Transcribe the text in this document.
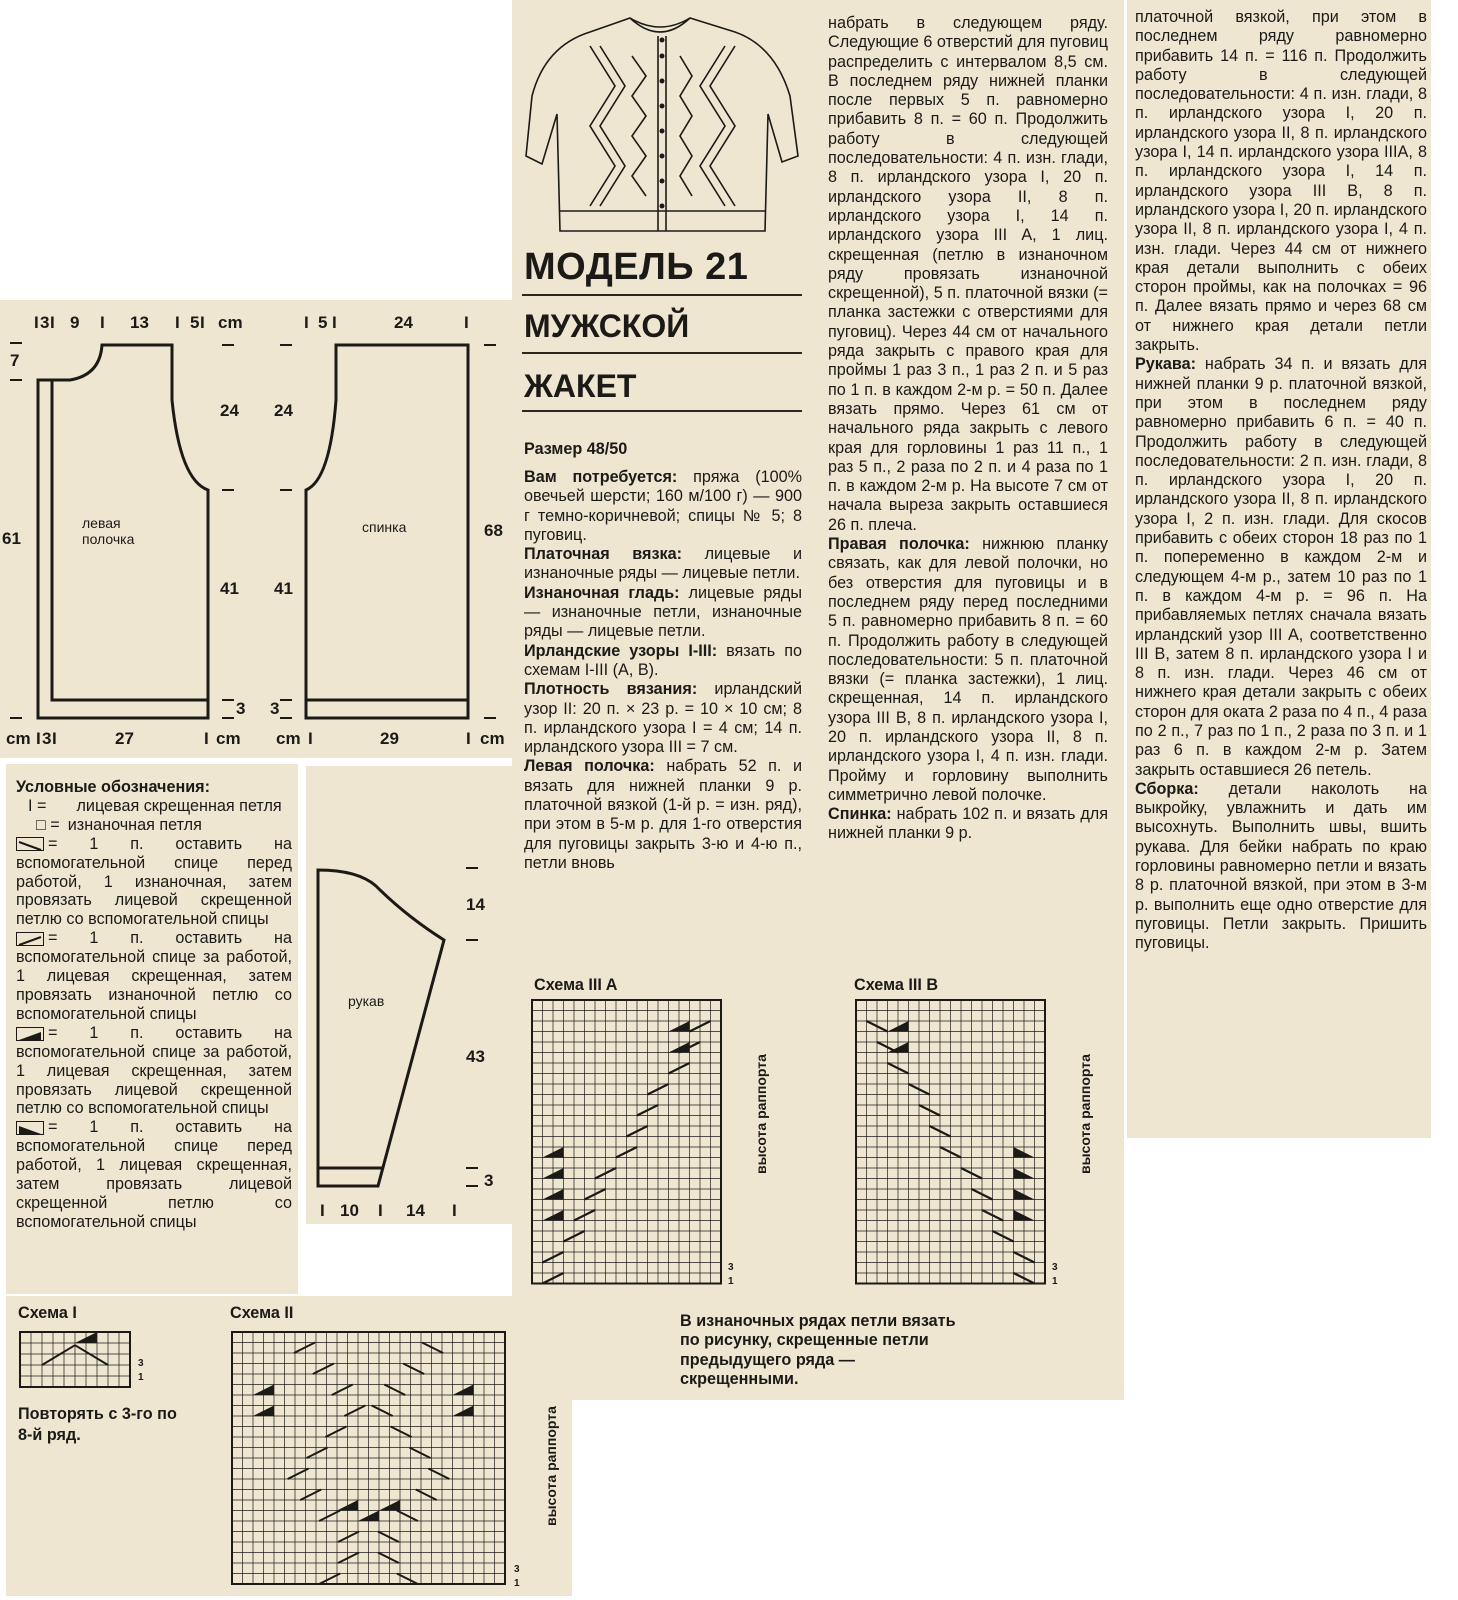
МОДЕЛЬ 21
МУЖСКОЙ
ЖАКЕТ
Размер 48/50

Вам потребуется: пряжа (100% овечьей шерсти; 160 м/100 г) — 900 г темно-коричневой; спицы № 5; 8 пуговиц.

Платочная вязка: лицевые и изнаночные ряды — лицевые петли.

Изнаночная гладь: лицевые ряды — изнаночные петли, изнаночные ряды — лицевые петли.

Ирландские узоры I-III: вязать по схемам I-III (A, B).

Плотность вязания: ирландский узор II: 20 п. × 23 р. = 10 × 10 см; 8 п. ирландского узора I = 4 см; 14 п. ирландского узора III = 7 см.

Левая полочка: набрать 52 п. и вязать для нижней планки 9 р. платочной вязкой (1-й р. = изн. ряд), при этом в 5-м р. для 1-го отверстия для пуговицы закрыть 3-ю и 4-ю п., петли вновь

набрать в следующем ряду. Следующие 6 отверстий для пуговиц распределить с интервалом 8,5 см. В последнем ряду нижней планки после первых 5 п. равномерно прибавить 8 п. = 60 п. Продолжить работу в следующей последовательности: 4 п. изн. глади, 8 п. ирландского узора I, 20 п. ирландского узора II, 8 п. ирландского узора I, 14 п. ирландского узора III A, 1 лиц. скрещенная (петлю в изнаночном ряду провязать изнаночной скрещенной), 5 п. платочной вязки (= планка застежки с отверстиями для пуговиц). Через 44 см от начального ряда закрыть с правого края для проймы 1 раз 3 п., 1 раз 2 п. и 5 раз по 1 п. в каждом 2-м р. = 50 п. Далее вязать прямо. Через 61 см от начального ряда закрыть с левого края для горловины 1 раз 11 п., 1 раз 5 п., 2 раза по 2 п. и 4 раза по 1 п. в каждом 2-м р. На высоте 7 см от начала выреза закрыть оставшиеся 26 п. плеча.

Правая полочка: нижнюю планку связать, как для левой полочки, но без отверстия для пуговицы и в последнем ряду перед последними 5 п. равномерно прибавить 8 п. = 60 п. Продолжить работу в следующей последовательности: 5 п. платочной вязки (= планка застежки), 1 лиц. скрещенная, 14 п. ирландского узора III B, 8 п. ирландского узора I, 20 п. ирландского узора II, 8 п. ирландского узора I, 4 п. изн. глади. Пройму и горловину выполнить симметрично левой полочке.

Спинка: набрать 102 п. и вязать для нижней планки 9 р.

Схема III A
высота раппорта
3
1
Схема III B
высота раппорта
3
1
В изнаночных рядах петли вязать по рисунку, скрещенные петли предыдущего ряда — скрещенными.

платочной вязкой, при этом в последнем ряду равномерно прибавить 14 п. = 116 п. Продолжить работу в следующей последовательности: 4 п. изн. глади, 8 п. ирландского узора I, 20 п. ирландского узора II, 8 п. ирландского узора I, 14 п. ирландского узора IIIA, 8 п. ирландского узора I, 14 п. ирландского узора III B, 8 п. ирландского узора I, 20 п. ирландского узора II, 8 п. ирландского узора I, 4 п. изн. глади. Через 44 см от нижнего края детали выполнить с обеих сторон проймы, как на полочках = 96 п. Далее вязать прямо и через 68 см от нижнего края детали петли закрыть.

Рукава: набрать 34 п. и вязать для нижней планки 9 р. платочной вязкой, при этом в последнем ряду равномерно прибавить 6 п. = 40 п. Продолжить работу в следующей последовательности: 2 п. изн. глади, 8 п. ирландского узора I, 20 п. ирландского узора II, 8 п. ирландского узора I, 2 п. изн. глади. Для скосов прибавить с обеих сторон 18 раз по 1 п. попеременно в каждом 2-м и следующем 4-м р., затем 10 раз по 1 п. в каждом 4-м р. = 96 п. На прибавляемых петлях сначала вязать ирландский узор III A, соответственно III B, затем 8 п. ирландского узора I и 8 п. изн. глади. Через 46 см от нижнего края детали закрыть с обеих сторон для оката 2 раза по 4 п., 4 раза по 2 п., 7 раз по 1 п., 2 раза по 3 п. и 1 раз 6 п. в каждом 2-м р. Затем закрыть оставшиеся 26 петель.

Сборка: детали наколоть на выкройку, увлажнить и дать им высохнуть. Выполнить швы, вшить рукава. Для бейки набрать по краю горловины равномерно петли и вязать 8 р. платочной вязкой, при этом в 3-м р. выполнить еще одно отверстие для пуговицы. Петли закрыть. Пришить пуговицы.

I 3 I 9 I 13 I 5 I cm
7
61
24
41
3
левая
полочка
cm I 3 I	27	I cm
I 5 I	24	I
24
41
68
3
спинка
cm I	29	I cm

Условные обозначения:

I = лицевая скрещенная петля

□ = изнаночная петля

= 1 п. оставить на вспомогательной спице перед работой, 1 изнаночная, затем провязать лицевой скрещенной петлю со вспомогательной спицы

= 1 п. оставить на вспомогательной спице за работой, 1 лицевая скрещенная, затем провязать изнаночной петлю со вспомогательной спицы

= 1 п. оставить на вспомогательной спице за работой, 1 лицевая скрещенная, затем провязать лицевой скрещенной петлю со вспомогательной спицы

= 1 п. оставить на вспомогательной спице перед работой, 1 лицевая скрещенная, затем провязать лицевой скрещенной петлю со вспомогательной спицы

14
43
3
рукав
I 10 I 14 I
Схема I
3
1
Повторять с 3-го по 8-й ряд.
Схема II
высота раппорта
3
1
